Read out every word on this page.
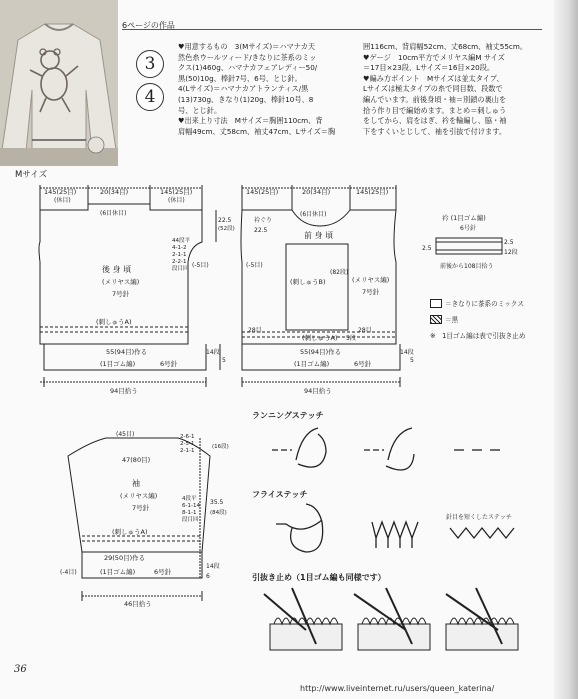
6ページの作品
3
4
♥用意するもの　3(Mサイズ)＝ハマナカ天
然色糸ウールツィード/きなりに茶系のミッ
クス(1)460g、ハマナカフェアレディー50/
黒(50)10g、棒針7号、6号、とじ針。
4(Lサイズ)＝ハマナカアトランティス/黒
(13)730g、きなり(1)20g、棒針10号、8
号、とじ針。
♥出来上り寸法　Mサイズ＝胸囲110cm、背
肩幅49cm、丈58cm、袖丈47cm、Lサイズ＝胸
囲116cm、背肩幅52cm、丈68cm、袖丈55cm。
♥ゲージ　10cm平方でメリヤス編M サイズ
＝17目×23段、Lサイズ＝16目×20段。
♥編み方ポイント　Mサイズは並太タイプ、
Lサイズは極太タイプの糸で同目数、段数で
編んでいます。前後身頃・袖＝別鎖の裏山を
拾う作り目で編始めます。まとめ＝刺しゅう
をしてから、肩をはぎ、衿を輪編し、脇・袖
下をすくいとじして、袖を引抜で付けます。
Mサイズ
145(25目)	20(34目)	145(25目)
(休目)	(休目)
(6目休目)
22.5
(52段)
(-5目)
44段平
4-1-2
2-1-1
2-2-1
段目回
後 身 頃
(メリヤス編)
7号針
(刺しゅうA)
55(94目)作る
(1目ゴム編)	6号針
14段
5
94目拾う
145(25目)	20(34目)	145(25目)
(6目休目)
(-5目)
22.5
衿ぐり
前 身 頃
(刺しゅうB)	(メリヤス編)
7号針
(82段)
28目	28目
(刺しゅうA) 5段
55(94目)作る
(1目ゴム編)	6号針
14段
5
94目拾う
衿 (1目ゴム編)
6号針
2.5
2.5
12段
前後から108目拾う
＝きなりに茶系のミックス
＝黒
※　1目ゴム編は表で引抜き止め
(45目)	2-6-1
2-5-1
2-1-1
(16段)
47(80目)
袖
(メリヤス編)
7号針
4段平
6-1-14
8-1-1
段目回
35.5
(84段)
(刺しゅうA)
29(50目)作る
(1目ゴム編)	6号針
14段
6
(-4目)
46目拾う
ランニングステッチ
フライステッチ
針目を短くしたステッチ
引抜き止め（1目ゴム編も同様です）
36
http://www.liveinternet.ru/users/queen_katerina/
